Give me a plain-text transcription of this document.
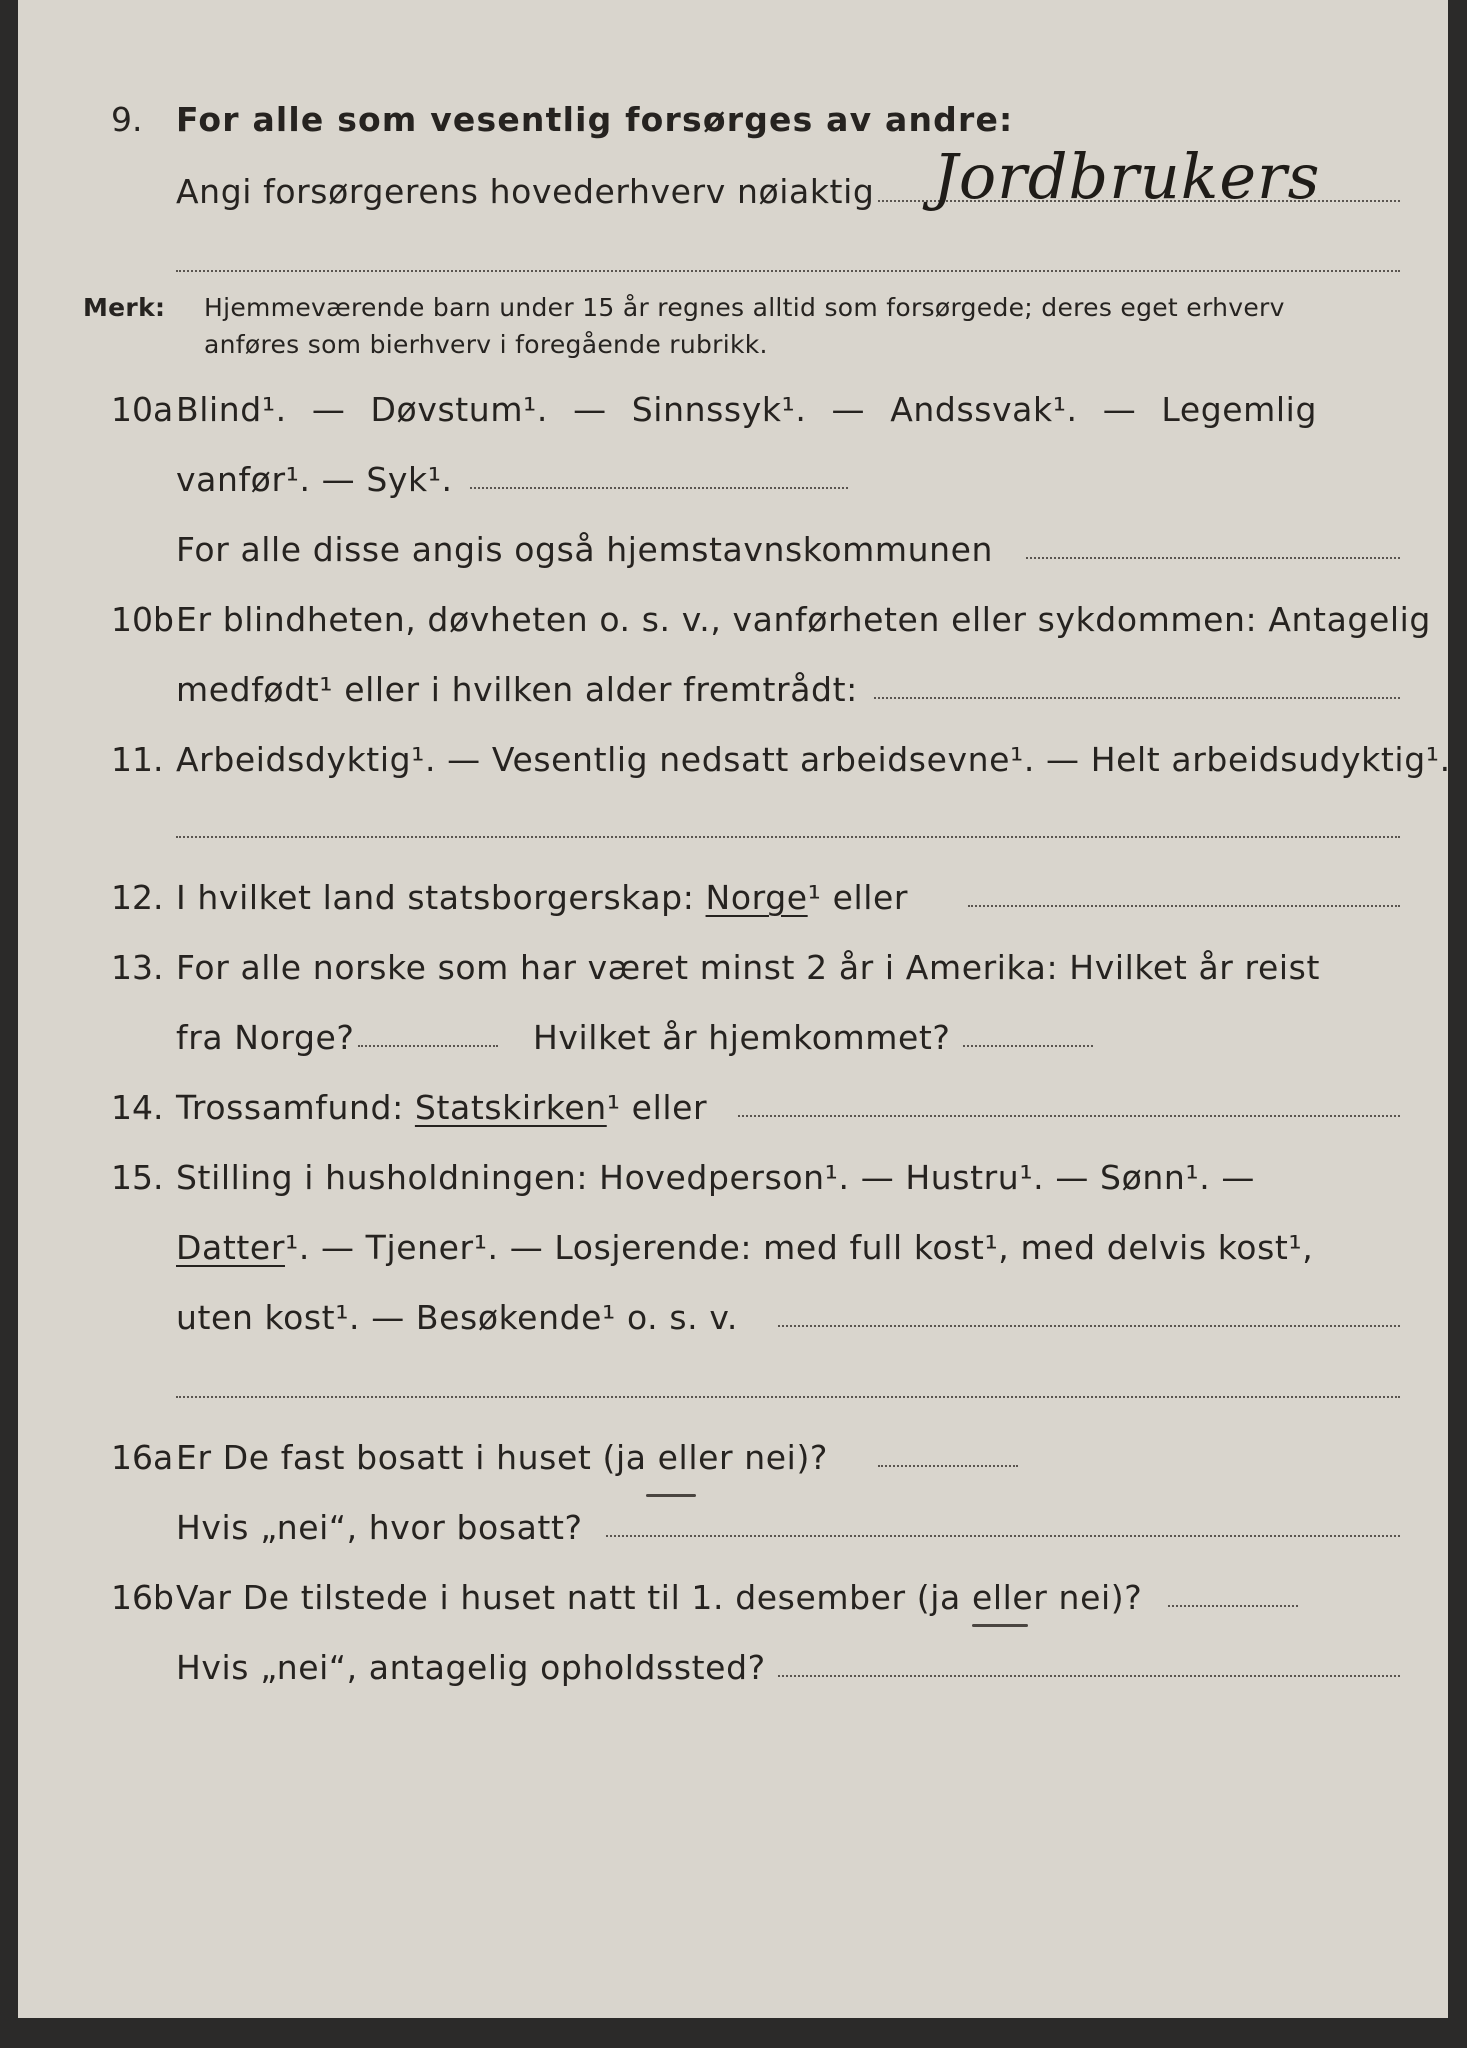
9. For alle som vesentlig forsørges av andre:
Angi forsørgerens hovederhverv nøiaktig Jordbrukers
Merk: Hjemmeværende barn under 15 år regnes alltid som forsørgede; deres eget erhverv
anføres som bierhverv i foregående rubrikk.
10a Blind¹. — Døvstum¹. — Sinnssyk¹. — Andssvak¹. — Legemlig
vanfør¹. — Syk¹.
For alle disse angis også hjemstavnskommunen
10b Er blindheten, døvheten o. s. v., vanførheten eller sykdommen: Antagelig
medfødt¹ eller i hvilken alder fremtrådt:
11. Arbeidsdyktig¹. — Vesentlig nedsatt arbeidsevne¹. — Helt arbeidsudyktig¹.
12. I hvilket land statsborgerskap: Norge¹ eller
13. For alle norske som har været minst 2 år i Amerika: Hvilket år reist
fra Norge?	Hvilket år hjemkommet?
14. Trossamfund: Statskirken¹ eller
15. Stilling i husholdningen: Hovedperson¹. — Hustru¹. — Sønn¹. —
Datter¹. — Tjener¹. — Losjerende: med full kost¹, med delvis kost¹,
uten kost¹. — Besøkende¹ o. s. v.
16a Er De fast bosatt i huset (ja eller nei)?
Hvis „nei“, hvor bosatt?
16b Var De tilstede i huset natt til 1. desember (ja eller nei)?
Hvis „nei“, antagelig opholdssted?
